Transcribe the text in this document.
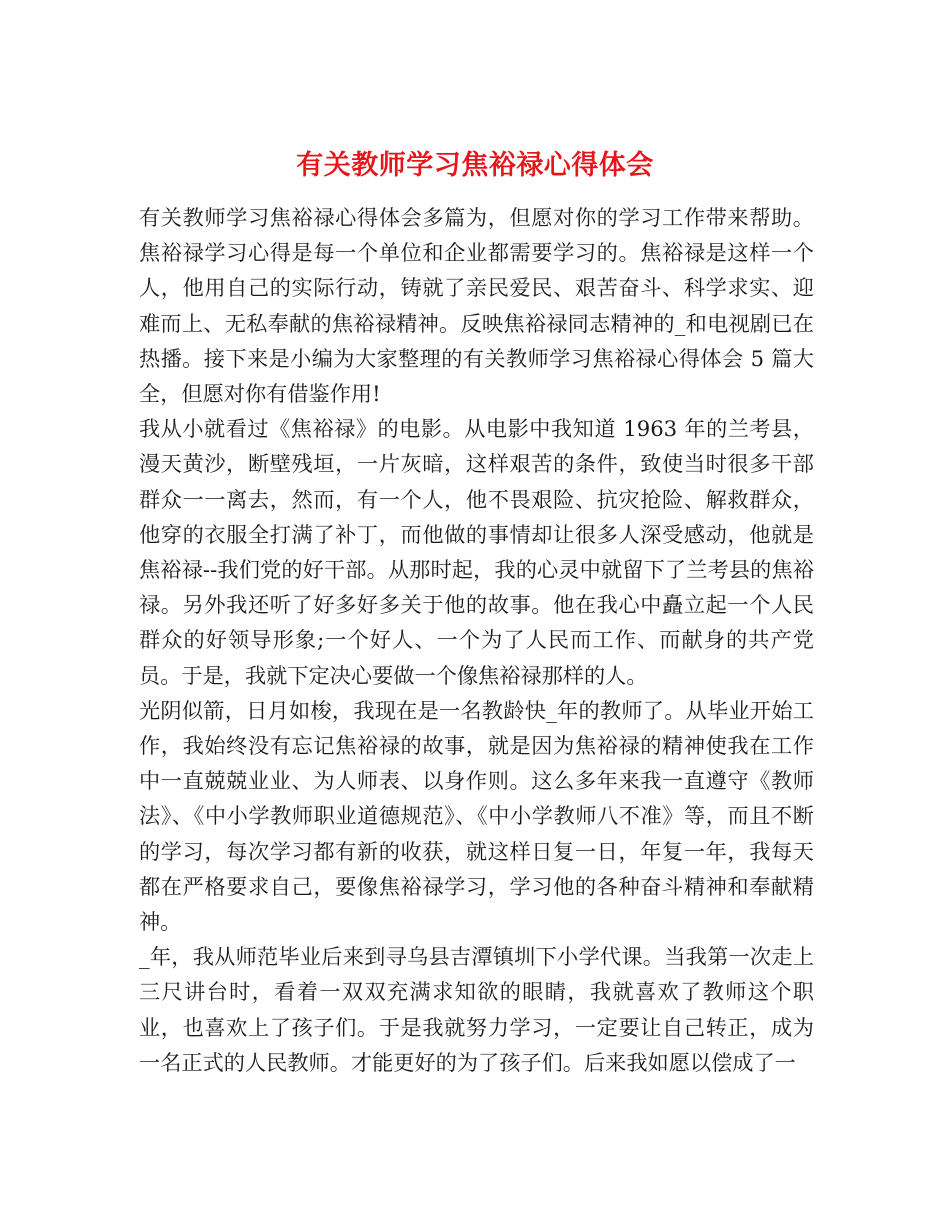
有关教师学习焦裕禄心得体会

有关教师学习焦裕禄心得体会多篇为，但愿对你的学习工作带来帮助。焦裕禄学习心得是每一个单位和企业都需要学习的。焦裕禄是这样一个人，他用自己的实际行动，铸就了亲民爱民、艰苦奋斗、科学求实、迎难而上、无私奉献的焦裕禄精神。反映焦裕禄同志精神的_和电视剧已在热播。接下来是小编为大家整理的有关教师学习焦裕禄心得体会 5 篇大全，但愿对你有借鉴作用!

我从小就看过《焦裕禄》的电影。从电影中我知道 1963 年的兰考县，漫天黄沙，断壁残垣，一片灰暗，这样艰苦的条件，致使当时很多干部群众一一离去，然而，有一个人，他不畏艰险、抗灾抢险、解救群众，他穿的衣服全打满了补丁，而他做的事情却让很多人深受感动，他就是焦裕禄--我们党的好干部。从那时起，我的心灵中就留下了兰考县的焦裕禄。另外我还听了好多好多关于他的故事。他在我心中矗立起一个人民群众的好领导形象;一个好人、一个为了人民而工作、而献身的共产党员。于是，我就下定决心要做一个像焦裕禄那样的人。

光阴似箭，日月如梭，我现在是一名教龄快_年的教师了。从毕业开始工作，我始终没有忘记焦裕禄的故事，就是因为焦裕禄的精神使我在工作中一直兢兢业业、为人师表、以身作则。这么多年来我一直遵守《教师法》、《中小学教师职业道德规范》、《中小学教师八不准》等，而且不断的学习，每次学习都有新的收获，就这样日复一日，年复一年，我每天都在严格要求自己，要像焦裕禄学习，学习他的各种奋斗精神和奉献精神。

_年，我从师范毕业后来到寻乌县吉潭镇圳下小学代课。当我第一次走上三尺讲台时，看着一双双充满求知欲的眼睛，我就喜欢了教师这个职业，也喜欢上了孩子们。于是我就努力学习，一定要让自己转正，成为一名正式的人民教师。才能更好的为了孩子们。后来我如愿以偿成了一
